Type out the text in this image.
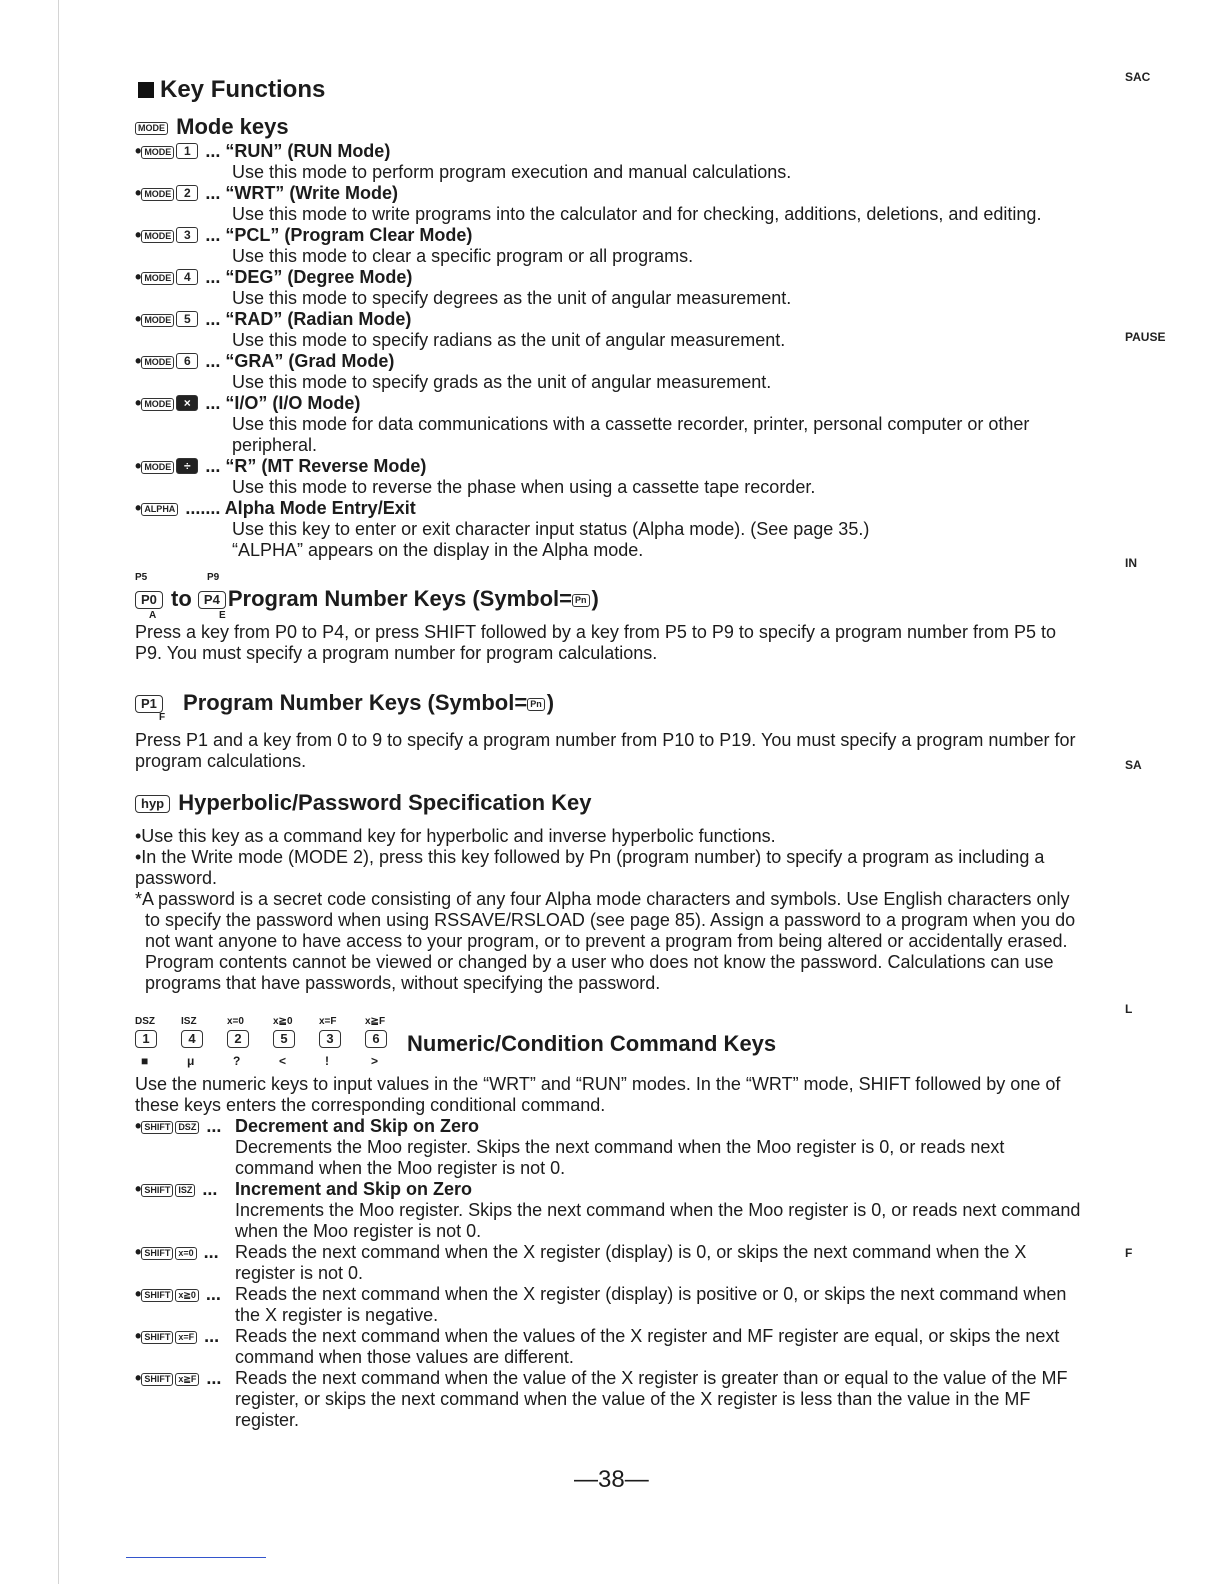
Key Functions
MODE Mode keys
• MODE 1 ... “RUN” (RUN Mode)
Use this mode to perform program execution and manual calculations.
• MODE 2 ... “WRT” (Write Mode)
Use this mode to write programs into the calculator and for checking, additions, deletions, and editing.
• MODE 3 ... “PCL” (Program Clear Mode)
Use this mode to clear a specific program or all programs.
• MODE 4 ... “DEG” (Degree Mode)
Use this mode to specify degrees as the unit of angular measurement.
• MODE 5 ... “RAD” (Radian Mode)
Use this mode to specify radians as the unit of angular measurement.
• MODE 6 ... “GRA” (Grad Mode)
Use this mode to specify grads as the unit of angular measurement.
• MODE × ... “I/O” (I/O Mode)
Use this mode for data communications with a cassette recorder, printer, personal computer or other peripheral.
• MODE ÷ ... “R” (MT Reverse Mode)
Use this mode to reverse the phase when using a cassette tape recorder.
• ALPHA ....... Alpha Mode Entry/Exit
Use this key to enter or exit character input status (Alpha mode). (See page 35.)
“ALPHA” appears on the display in the Alpha mode.
P5	P9
P0 to P4 Program Number Keys (Symbol= Pn )
A	E

Press a key from P0 to P4, or press SHIFT followed by a key from P5 to P9 to specify a program number from P5 to P9. You must specify a program number for program calculations.

P1 Program Number Keys (Symbol= Pn )
F

Press P1 and a key from 0 to 9 to specify a program number from P10 to P19. You must specify a program number for program calculations.

hyp Hyperbolic/Password Specification Key

•Use this key as a command key for hyperbolic and inverse hyperbolic functions.

•In the Write mode (MODE 2), press this key followed by Pn (program number) to specify a program as including a password.

*A password is a secret code consisting of any four Alpha mode characters and symbols. Use English characters only to specify the password when using RSSAVE/RSLOAD (see page 85). Assign a password to a program when you do not want anyone to have access to your program, or to prevent a program from being altered or accidentally erased. Program contents cannot be viewed or changed by a user who does not know the password. Calculations can use programs that have passwords, without specifying the password.

DSZ	ISZ	x=0	x≧0	x=F	x≧F
1	4	2	5	3	6
■	μ	?	<	!	>
Numeric/Condition Command Keys

Use the numeric keys to input values in the “WRT” and “RUN” modes. In the “WRT” mode, SHIFT followed by one of these keys enters the corresponding conditional command.

• SHIFT DSZ ... Decrement and Skip on Zero
Decrements the Moo register. Skips the next command when the Moo register is 0, or reads next command when the Moo register is not 0.
• SHIFT ISZ ... Increment and Skip on Zero
Increments the Moo register. Skips the next command when the Moo register is 0, or reads next command when the Moo register is not 0.
• SHIFT x=0 ... Reads the next command when the X register (display) is 0, or skips the next command when the X register is not 0.
• SHIFT x≧0 ... Reads the next command when the X register (display) is positive or 0, or skips the next command when the X register is negative.
• SHIFT x=F ... Reads the next command when the values of the X register and MF register are equal, or skips the next command when those values are different.
• SHIFT x≧F ... Reads the next command when the value of the X register is greater than or equal to the value of the MF register, or skips the next command when the value of the X register is less than the value in the MF register.
—38—
SAC
PAUSE
IN
SA
L
F
